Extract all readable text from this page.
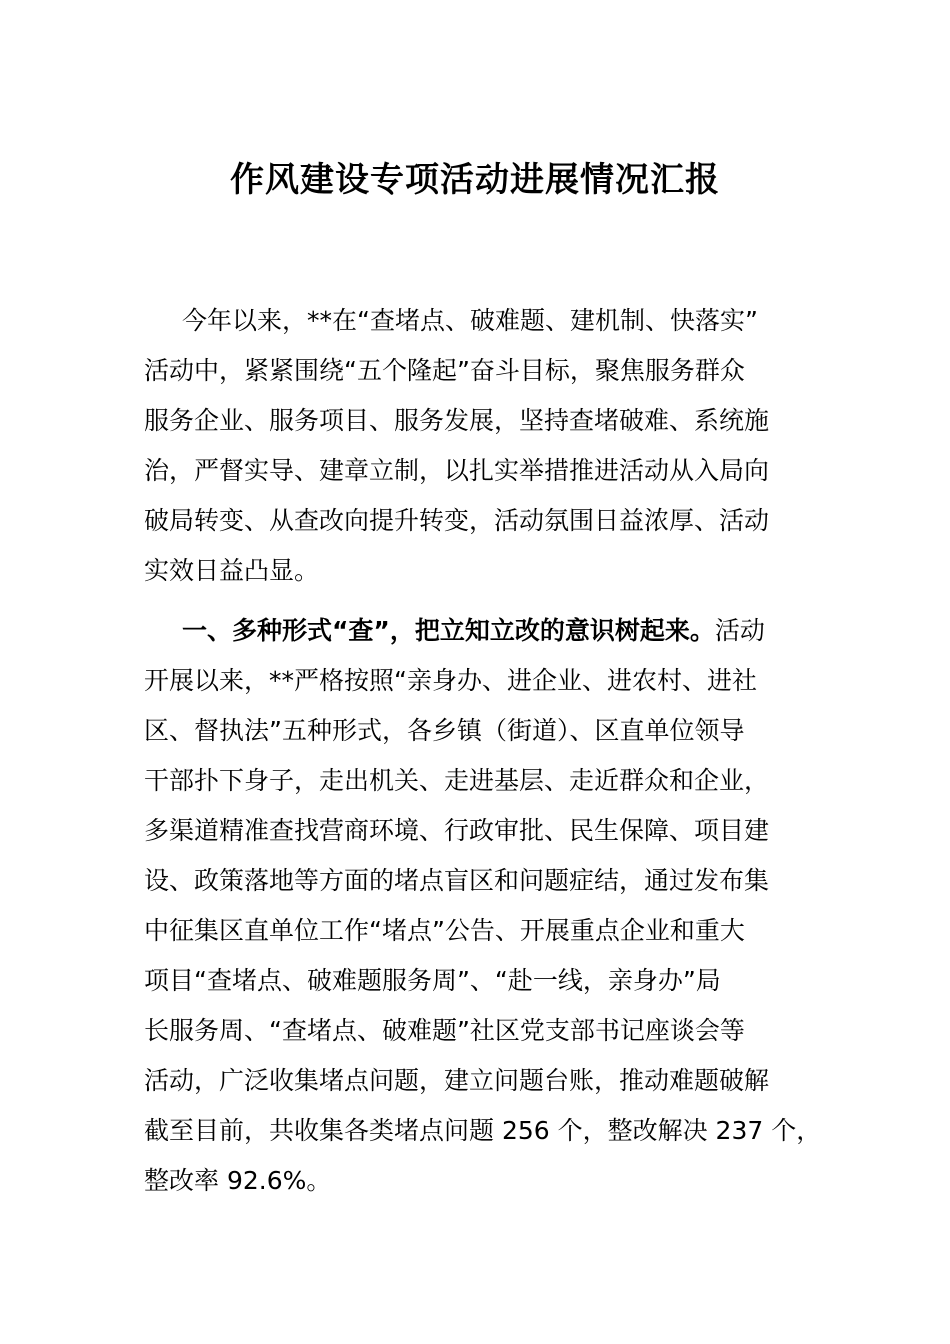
作风建设专项活动进展情况汇报
今年以来，**在“查堵点、破难题、建机制、快落实”
活动中，紧紧围绕“五个隆起”奋斗目标，聚焦服务群众
服务企业、服务项目、服务发展，坚持查堵破难、系统施
治，严督实导、建章立制，以扎实举措推进活动从入局向
破局转变、从查改向提升转变，活动氛围日益浓厚、活动
实效日益凸显。
一、多种形式“查”，把立知立改的意识树起来。活动
开展以来，**严格按照“亲身办、进企业、进农村、进社
区、督执法”五种形式，各乡镇（街道）、区直单位领导
干部扑下身子，走出机关、走进基层、走近群众和企业，
多渠道精准查找营商环境、行政审批、民生保障、项目建
设、政策落地等方面的堵点盲区和问题症结，通过发布集
中征集区直单位工作“堵点”公告、开展重点企业和重大
项目“查堵点、破难题服务周”、“赴一线，亲身办”局
长服务周、“查堵点、破难题”社区党支部书记座谈会等
活动，广泛收集堵点问题，建立问题台账，推动难题破解
截至目前，共收集各类堵点问题 256 个，整改解决 237 个，
整改率 92.6%。
